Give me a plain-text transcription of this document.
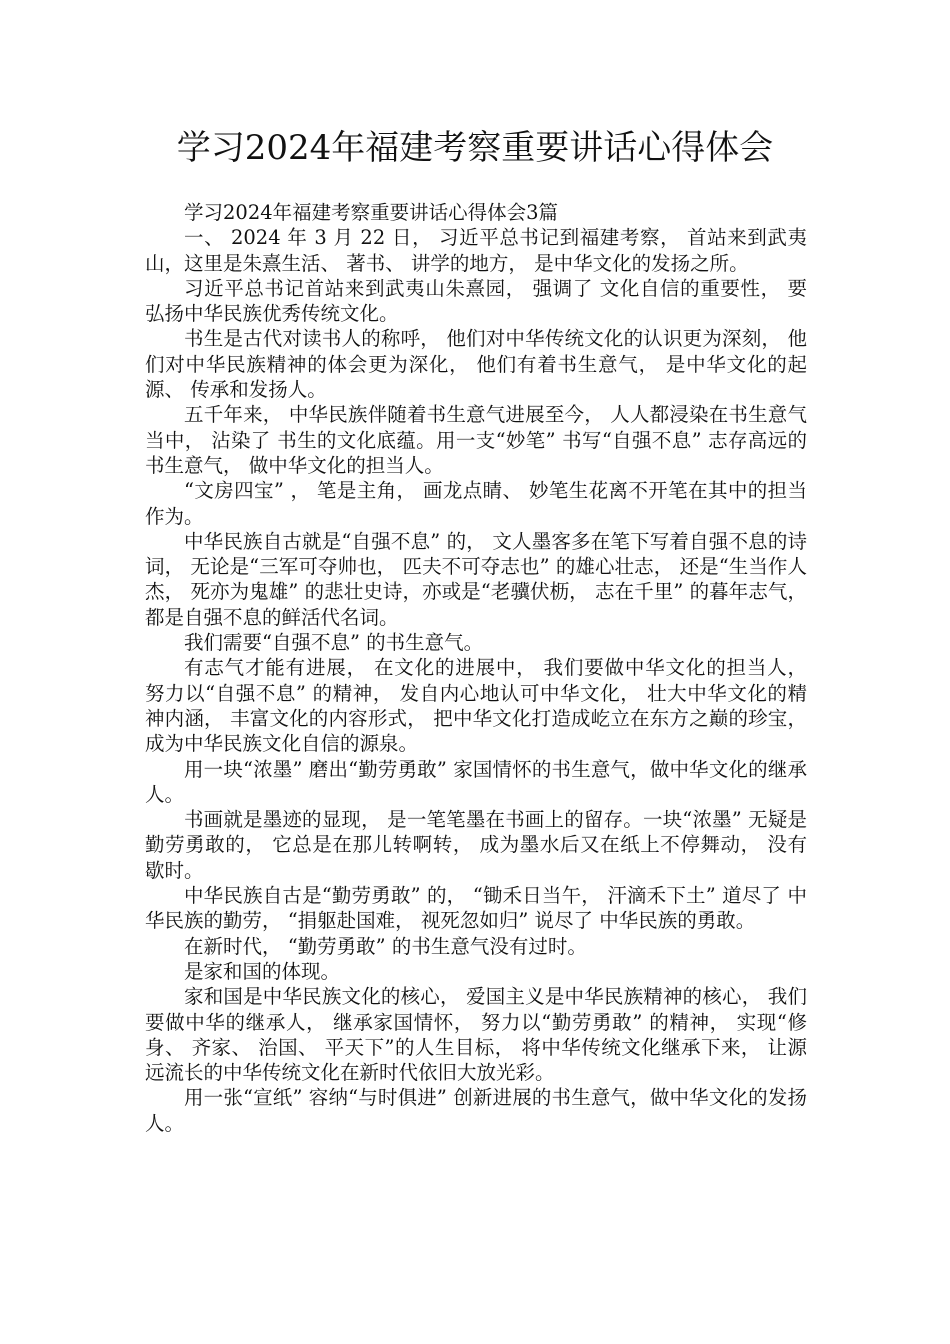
学习2024年福建考察重要讲话心得体会

学习2024年福建考察重要讲话心得体会3篇

一、 2024 年 3 月 22 日， 习近平总书记到福建考察， 首站来到武夷山，这里是朱熹生活、 著书、 讲学的地方， 是中华文化的发扬之所。

习近平总书记首站来到武夷山朱熹园， 强调了 文化自信的重要性， 要弘扬中华民族优秀传统文化。

书生是古代对读书人的称呼， 他们对中华传统文化的认识更为深刻， 他们对中华民族精神的体会更为深化， 他们有着书生意气， 是中华文化的起源、 传承和发扬人。

五千年来， 中华民族伴随着书生意气进展至今， 人人都浸染在书生意气当中， 沾染了 书生的文化底蕴。用一支“妙笔” 书写“自强不息” 志存高远的书生意气， 做中华文化的担当人。

“文房四宝” ， 笔是主角， 画龙点睛、 妙笔生花离不开笔在其中的担当作为。

中华民族自古就是“自强不息” 的， 文人墨客多在笔下写着自强不息的诗词， 无论是“三军可夺帅也， 匹夫不可夺志也” 的雄心壮志， 还是“生当作人杰， 死亦为鬼雄” 的悲壮史诗，亦或是“老骥伏枥， 志在千里” 的暮年志气， 都是自强不息的鲜活代名词。

我们需要“自强不息” 的书生意气。

有志气才能有进展， 在文化的进展中， 我们要做中华文化的担当人， 努力以“自强不息” 的精神， 发自内心地认可中华文化， 壮大中华文化的精神内涵， 丰富文化的内容形式， 把中华文化打造成屹立在东方之巅的珍宝， 成为中华民族文化自信的源泉。

用一块“浓墨” 磨出“勤劳勇敢” 家国情怀的书生意气，做中华文化的继承人。

书画就是墨迹的显现， 是一笔笔墨在书画上的留存。一块“浓墨” 无疑是勤劳勇敢的， 它总是在那儿转啊转， 成为墨水后又在纸上不停舞动， 没有歇时。

中华民族自古是“勤劳勇敢” 的， “锄禾日当午， 汗滴禾下土” 道尽了 中华民族的勤劳， “捐躯赴国难， 视死忽如归” 说尽了 中华民族的勇敢。

在新时代， “勤劳勇敢” 的书生意气没有过时。

是家和国的体现。

家和国是中华民族文化的核心， 爱国主义是中华民族精神的核心， 我们要做中华的继承人， 继承家国情怀， 努力以“勤劳勇敢” 的精神， 实现“修身、 齐家、 治国、 平天下”的人生目标， 将中华传统文化继承下来， 让源远流长的中华传统文化在新时代依旧大放光彩。

用一张“宣纸” 容纳“与时俱进” 创新进展的书生意气，做中华文化的发扬人。
